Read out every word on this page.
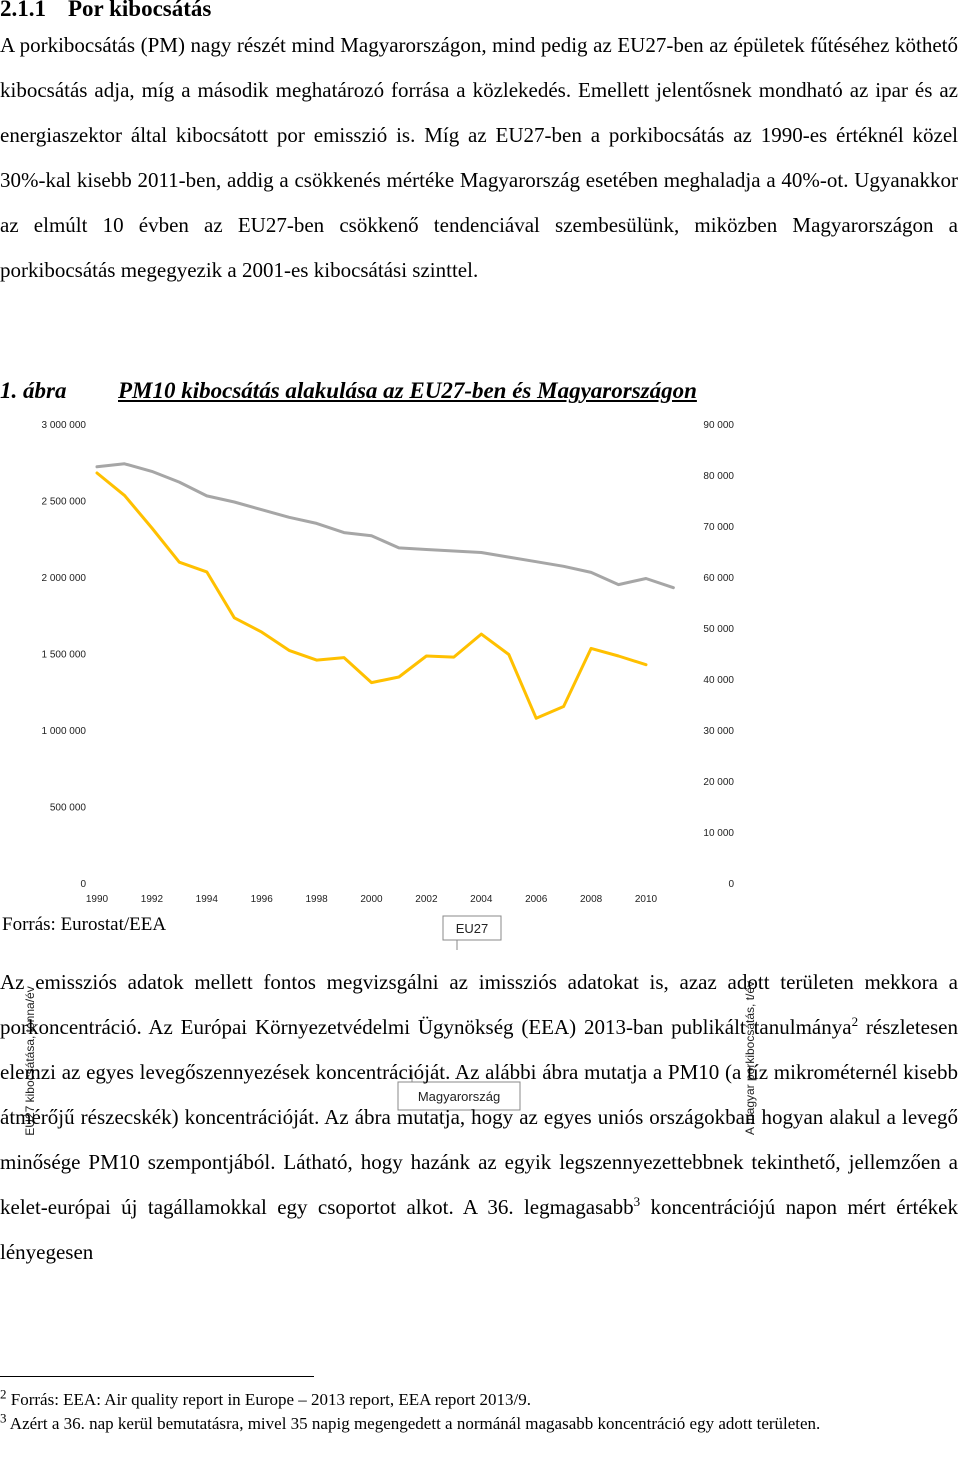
2.1.1 Por kibocsátás

A porkibocsátás (PM) nagy részét mind Magyarországon, mind pedig az EU27-ben az épületek fűtéséhez köthető kibocsátás adja, míg a második meghatározó forrása a közlekedés. Emellett jelentősnek mondható az ipar és az energiaszektor által kibocsátott por emisszió is. Míg az EU27-ben a porkibocsátás az 1990-es értéknél közel 30%-kal kisebb 2011-ben, addig a csökkenés mértéke Magyarország esetében meghaladja a 40%-ot. Ugyanakkor az elmúlt 10 évben az EU27-ben csökkenő tendenciával szembesülünk, miközben Magyarországon a porkibocsátás megegyezik a 2001-es kibocsátási szinttel.

1. ábra PM10 kibocsátás alakulása az EU27-ben és Magyarországon
0
500 000
1 000 000
1 500 000
2 000 000
2 500 000
3 000 000
0
10 000
20 000
30 000
40 000
50 000
60 000
70 000
80 000
90 000
1990	1992	1994	1996	1998	2000	2002	2004	2006	2008	2010
EU27 kibocsátása, tonna/év	A magyar porkibocsátás, t/év
EU27
Magyarország
Forrás: Eurostat/EEA

Az emissziós adatok mellett fontos megvizsgálni az imissziós adatokat is, azaz adott területen mekkora a porkoncentráció. Az Európai Környezetvédelmi Ügynökség (EEA) 2013-ban publikált tanulmánya$^2$ részletesen elemzi az egyes levegőszennyezések koncentrációját. Az alábbi ábra mutatja a PM10 (a tíz mikrométernél kisebb átmérőjű részecskék) koncentrációját. Az ábra mutatja, hogy az egyes uniós országokban hogyan alakul a levegő minősége PM10 szempontjából. Látható, hogy hazánk az egyik legszennyezettebbnek tekinthető, jellemzően a kelet-európai új tagállamokkal egy csoportot alkot. A 36. legmagasabb$^3$ koncentrációjú napon mért értékek lényegesen

$^2$ Forrás: EEA: Air quality report in Europe – 2013 report, EEA report 2013/9.

$^3$ Azért a 36. nap kerül bemutatásra, mivel 35 napig megengedett a normánál magasabb koncentráció egy adott területen.
